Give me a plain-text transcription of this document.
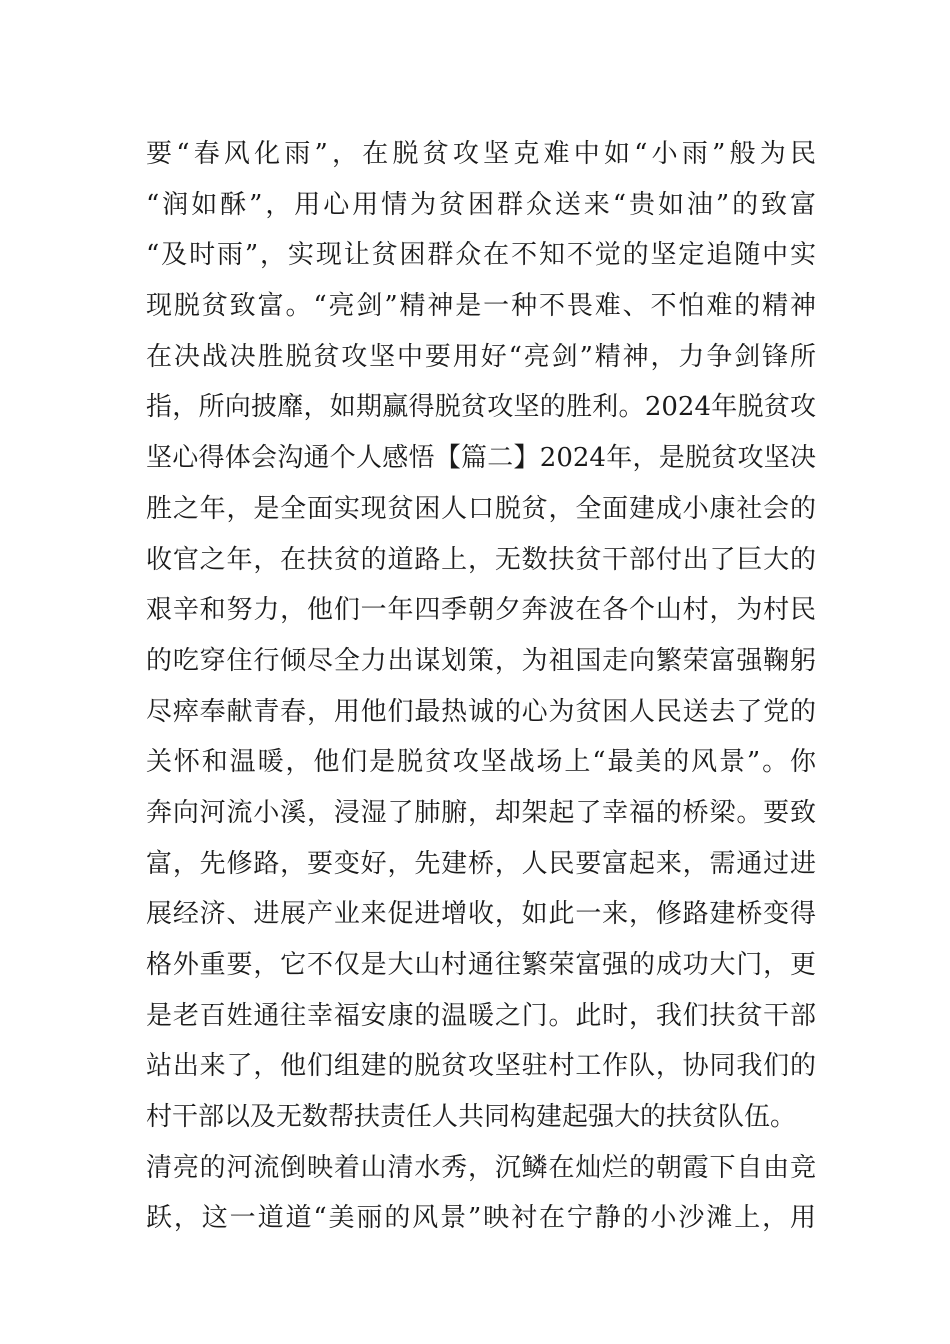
要“春风化雨”，在脱贫攻坚克难中如“小雨”般为民
“润如酥”，用心用情为贫困群众送来“贵如油”的致富
“及时雨”，实现让贫困群众在不知不觉的坚定追随中实
现脱贫致富。“亮剑”精神是一种不畏难、不怕难的精神
在决战决胜脱贫攻坚中要用好“亮剑”精神，力争剑锋所
指，所向披靡，如期赢得脱贫攻坚的胜利。2024年脱贫攻
坚心得体会沟通个人感悟【篇二】2024年，是脱贫攻坚决
胜之年，是全面实现贫困人口脱贫，全面建成小康社会的
收官之年，在扶贫的道路上，无数扶贫干部付出了巨大的
艰辛和努力，他们一年四季朝夕奔波在各个山村，为村民
的吃穿住行倾尽全力出谋划策，为祖国走向繁荣富强鞠躬
尽瘁奉献青春，用他们最热诚的心为贫困人民送去了党的
关怀和温暖，他们是脱贫攻坚战场上“最美的风景”。你
奔向河流小溪，浸湿了肺腑，却架起了幸福的桥梁。要致
富，先修路，要变好，先建桥，人民要富起来，需通过进
展经济、进展产业来促进增收，如此一来，修路建桥变得
格外重要，它不仅是大山村通往繁荣富强的成功大门，更
是老百姓通往幸福安康的温暖之门。此时，我们扶贫干部
站出来了，他们组建的脱贫攻坚驻村工作队，协同我们的
村干部以及无数帮扶责任人共同构建起强大的扶贫队伍。
清亮的河流倒映着山清水秀，沉鳞在灿烂的朝霞下自由竞
跃，这一道道“美丽的风景”映衬在宁静的小沙滩上，用
